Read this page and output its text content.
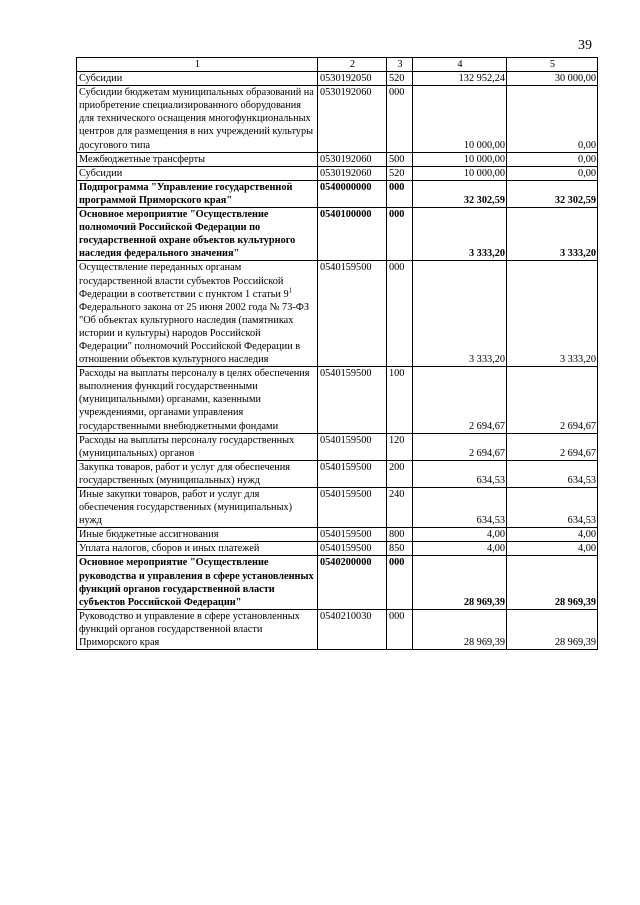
39
1	2	3	4	5
Субсидии	0530192050	520	132 952,24	30 000,00
Субсидии бюджетам муниципальных образований на приобретение специализированного оборудования для технического оснащения многофункциональных центров для размещения в них учреждений культуры досугового типа	0530192060	000	10 000,00	0,00
Межбюджетные трансферты	0530192060	500	10 000,00	0,00
Субсидии	0530192060	520	10 000,00	0,00
Подпрограмма "Управление государственной программой Приморского края"	0540000000	000	32 302,59	32 302,59
Основное мероприятие "Осуществление полномочий Российской Федерации по государственной охране объектов культурного наследия федерального значения"	0540100000	000	3 333,20	3 333,20
Осуществление переданных органам государственной власти субъектов Российской Федерации в соответствии с пунктом 1 статьи $9^1$ Федерального закона от 25 июня 2002 года № 73-ФЗ "Об объектах культурного наследия (памятниках истории и культуры) народов Российской Федерации" полномочий Российской Федерации в отношении объектов культурного наследия	0540159500	000	3 333,20	3 333,20
Расходы на выплаты персоналу в целях обеспечения выполнения функций государственными (муниципальными) органами, казенными учреждениями, органами управления государственными внебюджетными фондами	0540159500	100	2 694,67	2 694,67
Расходы на выплаты персоналу государственных (муниципальных) органов	0540159500	120	2 694,67	2 694,67
Закупка товаров, работ и услуг для обеспечения государственных (муниципальных) нужд	0540159500	200	634,53	634,53
Иные закупки товаров, работ и услуг для обеспечения государственных (муниципальных) нужд	0540159500	240	634,53	634,53
Иные бюджетные ассигнования	0540159500	800	4,00	4,00
Уплата налогов, сборов и иных платежей	0540159500	850	4,00	4,00
Основное мероприятие "Осуществление руководства и управления в сфере установленных функций органов государственной власти субъектов Российской Федерации"	0540200000	000	28 969,39	28 969,39
Руководство и управление в сфере установленных функций органов государственной власти Приморского края	0540210030	000	28 969,39	28 969,39
